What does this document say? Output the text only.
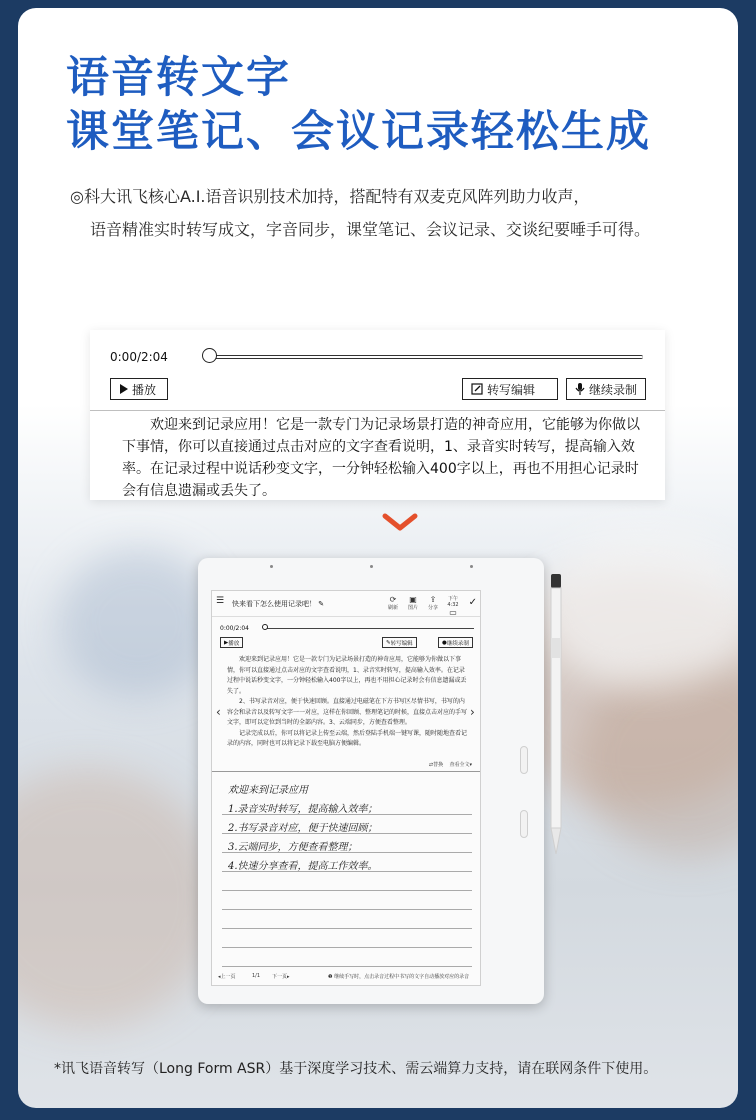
语音转文字
课堂笔记、会议记录轻松生成

◎科大讯飞核心A.I.语音识别技术加持，搭配特有双麦克风阵列助力收声，

语音精准实时转写成文，字音同步，课堂笔记、会议记录、交谈纪要唾手可得。

0:00/2:04
播放	转写编辑	继续录制
欢迎来到记录应用！它是一款专门为记录场景打造的神奇应用，它能够为你做以下事情，你可以直接通过点击对应的文字查看说明，1、录音实时转写，提高输入效率。在记录过程中说话秒变文字，一分钟轻松输入400字以上，再也不用担心记录时会有信息遗漏或丢失了。
☰ 快来看下怎么使用记录吧！ ✎	⟳
刷新
▣
图片
⇪
分享
下午 4:32
▭
✓
0:00/2:04
▶ 播放	✎ 转写编辑	● 继续录制

欢迎来到记录应用！它是一款专门为记录场景打造的神奇应用，它能够为你做以下事情，你可以直接通过点击对应的文字查看说明，1、录音实时转写，提高输入效率。在记录过程中说话秒变文字，一分钟轻松输入400字以上，再也不用担心记录时会有信息遗漏或丢失了。

2、书写录音对应，便于快速回顾。直接通过电磁笔在下方书写区尽情书写，书写的内容会和录音以及转写文字一一对应，这样在你回顾、整理笔记的时候，直接点击对应的手写文字，即可以定位到当时的全部内容。3、云端同步，方便查看整理。

记录完成以后，你可以将记录上传至云端，然后登陆手机端一键写课，随时随地查看记录的内容，同时也可以将记录下载至电脑方便编辑。

‹	›
⇄替换 查看全文▾
欢迎来到记录应用
1.录音实时转写，提高输入效率；
2.书写录音对应，便于快速回顾；
3.云端同步，方便查看整理；
4.快速分享查看，提高工作效率。
◂上一页	1/1 下一页▸	❶ 继续手写时，点击录音过程中书写的文字自动播放对应的录音
*讯飞语音转写（Long Form ASR）基于深度学习技术、需云端算力支持，请在联网条件下使用。
